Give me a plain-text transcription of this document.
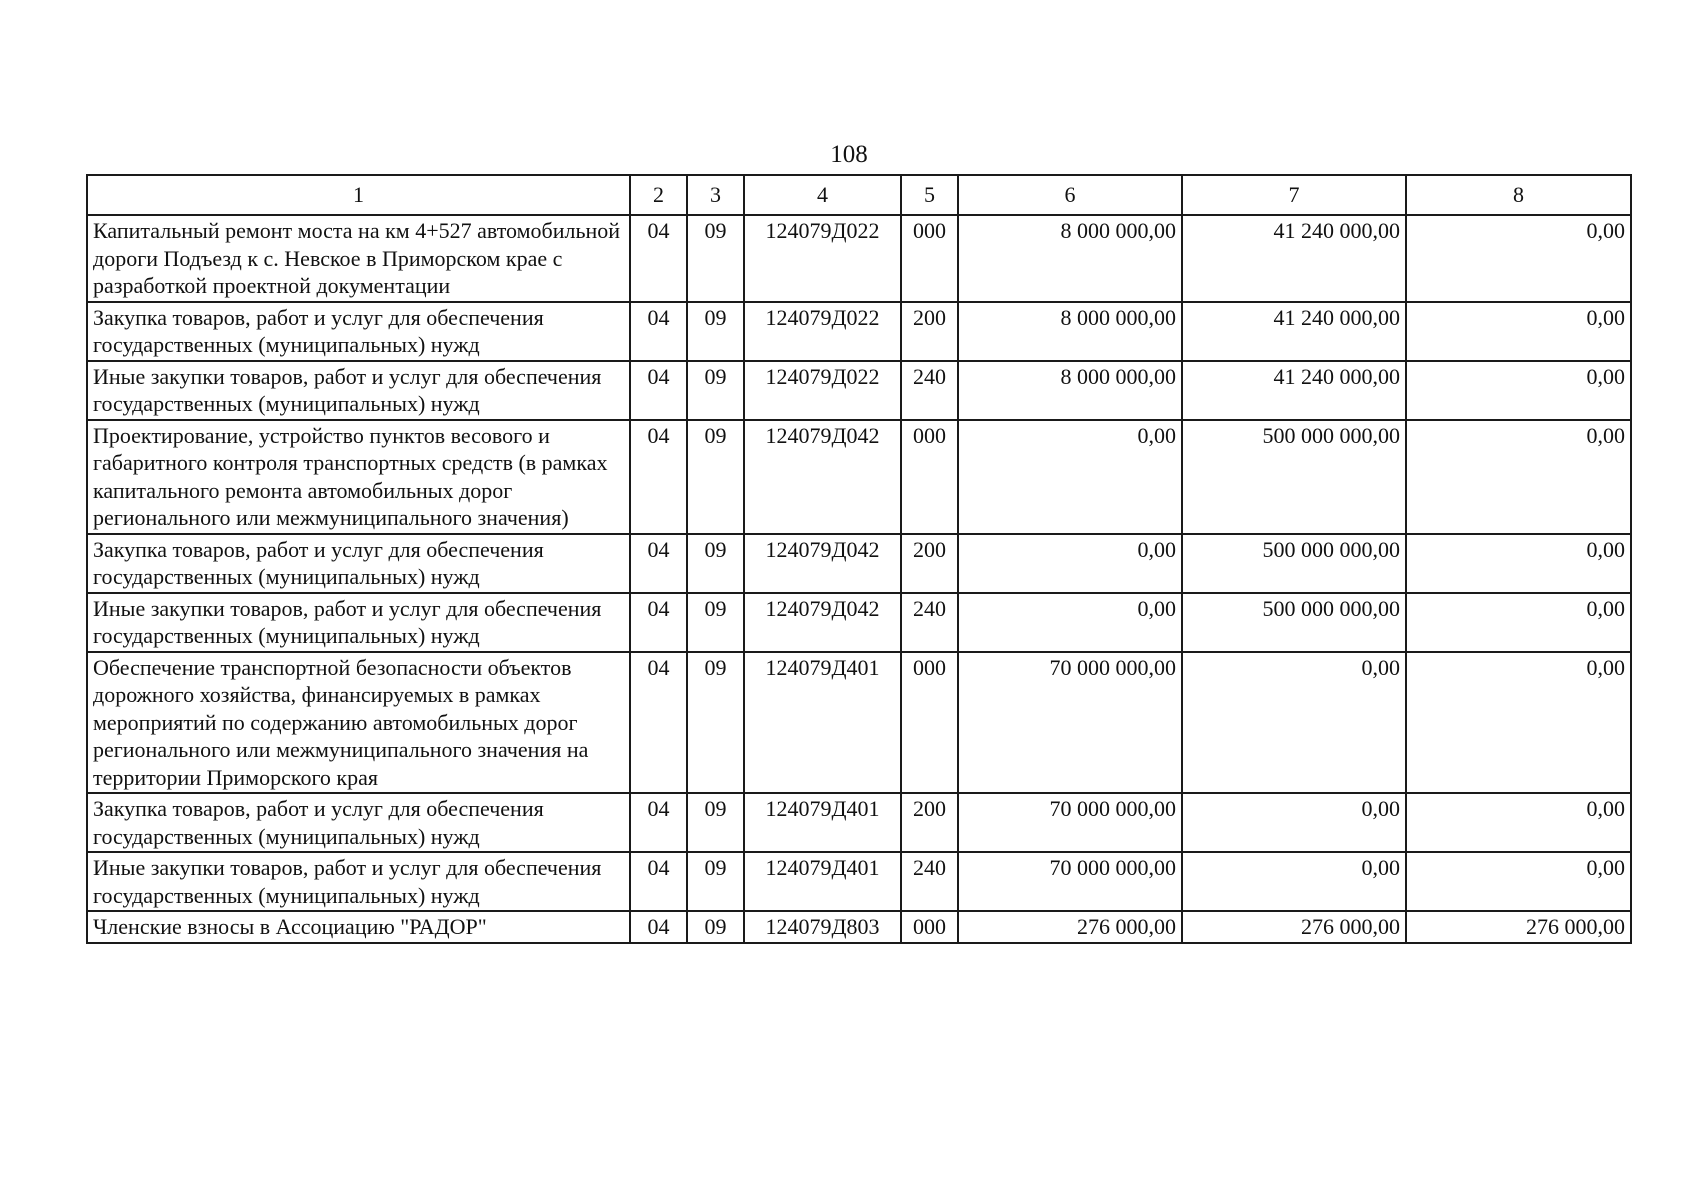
108
1	2	3	4	5	6	7	8
Капитальный ремонт моста на км 4+527 автомобильной дороги Подъезд к с. Невское в Приморском крае с разработкой проектной документации	04	09	124079Д022	000	8 000 000,00	41 240 000,00	0,00
Закупка товаров, работ и услуг для обеспечения государственных (муниципальных) нужд	04	09	124079Д022	200	8 000 000,00	41 240 000,00	0,00
Иные закупки товаров, работ и услуг для обеспечения государственных (муниципальных) нужд	04	09	124079Д022	240	8 000 000,00	41 240 000,00	0,00
Проектирование, устройство пунктов весового и габаритного контроля транспортных средств (в рамках капитального ремонта автомобильных дорог регионального или межмуниципального значения)	04	09	124079Д042	000	0,00	500 000 000,00	0,00
Закупка товаров, работ и услуг для обеспечения государственных (муниципальных) нужд	04	09	124079Д042	200	0,00	500 000 000,00	0,00
Иные закупки товаров, работ и услуг для обеспечения государственных (муниципальных) нужд	04	09	124079Д042	240	0,00	500 000 000,00	0,00
Обеспечение транспортной безопасности объектов дорожного хозяйства, финансируемых в рамках мероприятий по содержанию автомобильных дорог регионального или межмуниципального значения на территории Приморского края	04	09	124079Д401	000	70 000 000,00	0,00	0,00
Закупка товаров, работ и услуг для обеспечения государственных (муниципальных) нужд	04	09	124079Д401	200	70 000 000,00	0,00	0,00
Иные закупки товаров, работ и услуг для обеспечения государственных (муниципальных) нужд	04	09	124079Д401	240	70 000 000,00	0,00	0,00
Членские взносы в Ассоциацию "РАДОР"	04	09	124079Д803	000	276 000,00	276 000,00	276 000,00
